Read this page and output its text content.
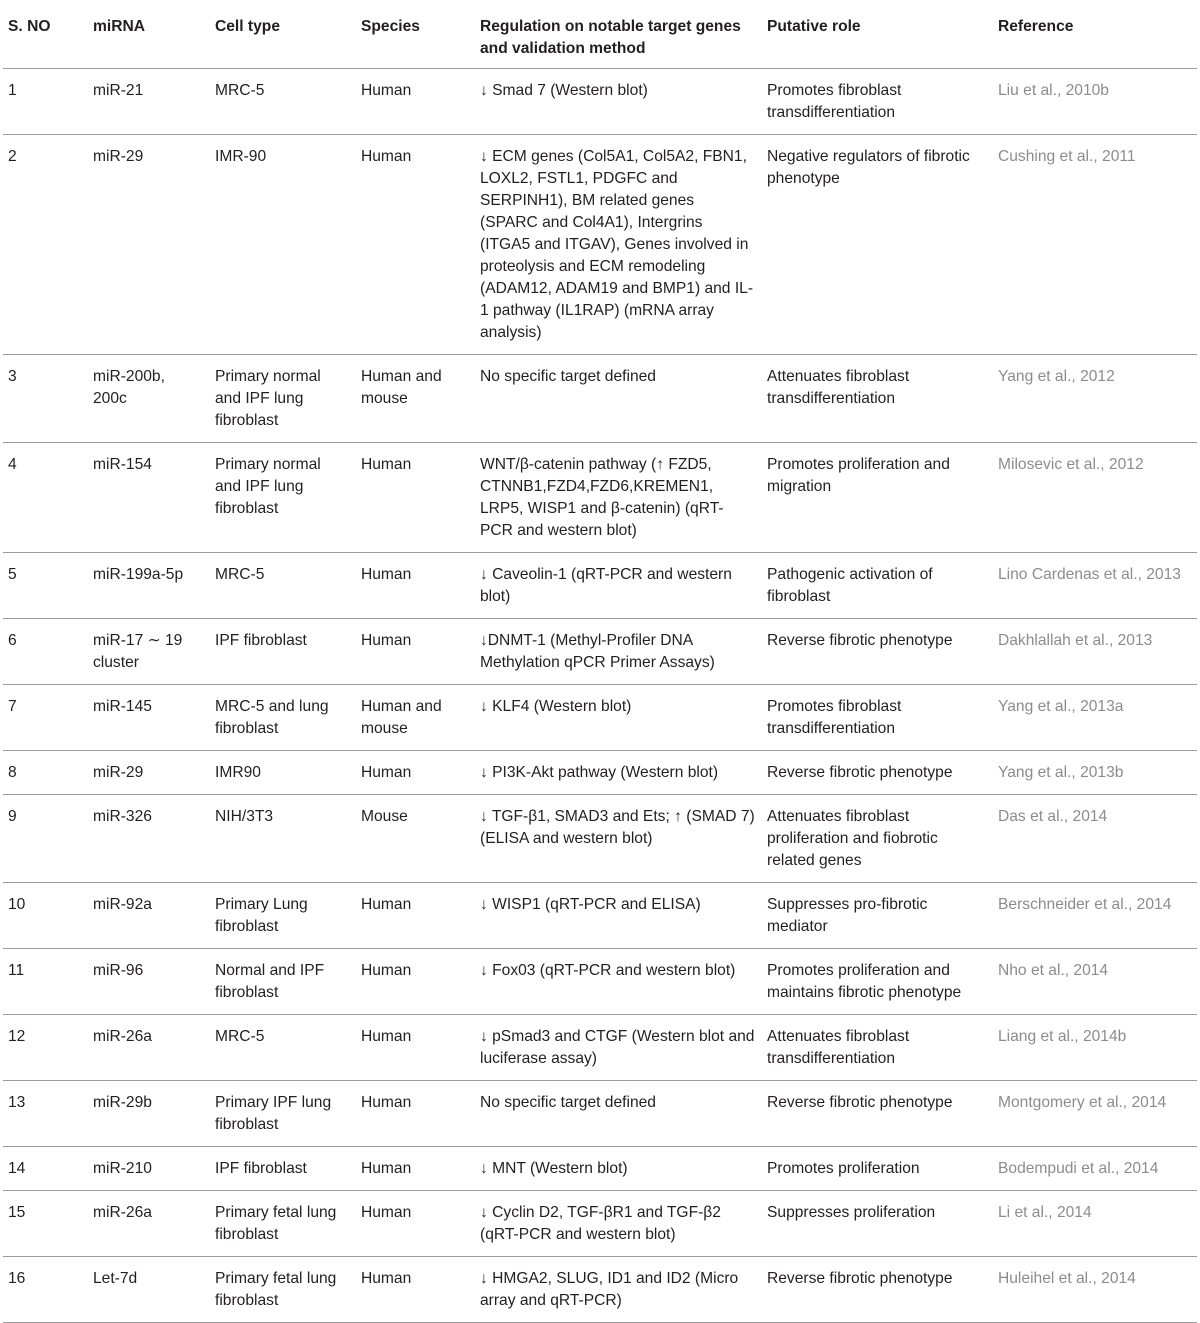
S. NO	miRNA	Cell type	Species	Regulation on notable target genes and validation method	Putative role	Reference
1	miR-21	MRC-5	Human	↓ Smad 7 (Western blot)	Promotes fibroblast transdifferentiation	Liu et al., 2010b
2	miR-29	IMR-90	Human	↓ ECM genes (Col5A1, Col5A2, FBN1, LOXL2, FSTL1, PDGFC and SERPINH1), BM related genes (SPARC and Col4A1), Intergrins (ITGA5 and ITGAV), Genes involved in proteolysis and ECM remodeling (ADAM12, ADAM19 and BMP1) and IL-1 pathway (IL1RAP) (mRNA array analysis)	Negative regulators of fibrotic phenotype	Cushing et al., 2011
3	miR-200b, 200c	Primary normal and IPF lung fibroblast	Human and mouse	No specific target defined	Attenuates fibroblast transdifferentiation	Yang et al., 2012
4	miR-154	Primary normal and IPF lung fibroblast	Human	WNT/β-catenin pathway (↑ FZD5, CTNNB1,FZD4,FZD6,KREMEN1, LRP5, WISP1 and β-catenin) (qRT-PCR and western blot)	Promotes proliferation and migration	Milosevic et al., 2012
5	miR-199a-5p	MRC-5	Human	↓ Caveolin-1 (qRT-PCR and western blot)	Pathogenic activation of fibroblast	Lino Cardenas et al., 2013
6	miR-17 ∼ 19 cluster	IPF fibroblast	Human	↓DNMT-1 (Methyl-Profiler DNA Methylation qPCR Primer Assays)	Reverse fibrotic phenotype	Dakhlallah et al., 2013
7	miR-145	MRC-5 and lung fibroblast	Human and mouse	↓ KLF4 (Western blot)	Promotes fibroblast transdifferentiation	Yang et al., 2013a
8	miR-29	IMR90	Human	↓ PI3K-Akt pathway (Western blot)	Reverse fibrotic phenotype	Yang et al., 2013b
9	miR-326	NIH/3T3	Mouse	↓ TGF-β1, SMAD3 and Ets; ↑ (SMAD 7) (ELISA and western blot)	Attenuates fibroblast proliferation and fiobrotic related genes	Das et al., 2014
10	miR-92a	Primary Lung fibroblast	Human	↓ WISP1 (qRT-PCR and ELISA)	Suppresses pro-fibrotic mediator	Berschneider et al., 2014
11	miR-96	Normal and IPF fibroblast	Human	↓ Fox03 (qRT-PCR and western blot)	Promotes proliferation and maintains fibrotic phenotype	Nho et al., 2014
12	miR-26a	MRC-5	Human	↓ pSmad3 and CTGF (Western blot and luciferase assay)	Attenuates fibroblast transdifferentiation	Liang et al., 2014b
13	miR-29b	Primary IPF lung fibroblast	Human	No specific target defined	Reverse fibrotic phenotype	Montgomery et al., 2014
14	miR-210	IPF fibroblast	Human	↓ MNT (Western blot)	Promotes proliferation	Bodempudi et al., 2014
15	miR-26a	Primary fetal lung fibroblast	Human	↓ Cyclin D2, TGF-βR1 and TGF-β2 (qRT-PCR and western blot)	Suppresses proliferation	Li et al., 2014
16	Let-7d	Primary fetal lung fibroblast	Human	↓ HMGA2, SLUG, ID1 and ID2 (Micro array and qRT-PCR)	Reverse fibrotic phenotype	Huleihel et al., 2014
